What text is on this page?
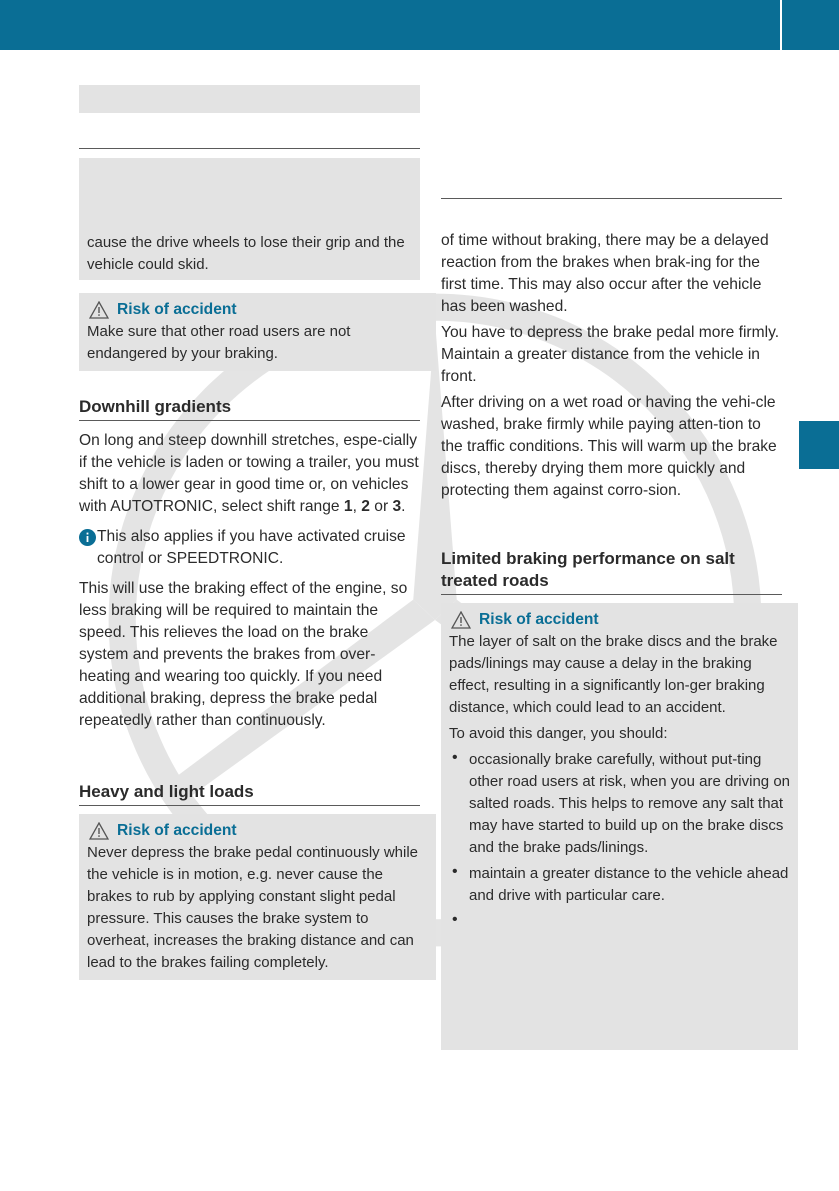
cause the drive wheels to lose their grip and the vehicle could skid.

Risk of accident

Make sure that other road users are not endangered by your braking.

Downhill gradients

On long and steep downhill stretches, espe-cially if the vehicle is laden or towing a trailer, you must shift to a lower gear in good time or, on vehicles with AUTOTRONIC, select shift range 1, 2 or 3.

This also applies if you have activated cruise control or SPEEDTRONIC.

This will use the braking effect of the engine, so less braking will be required to maintain the speed. This relieves the load on the brake system and prevents the brakes from over-heating and wearing too quickly. If you need additional braking, depress the brake pedal repeatedly rather than continuously.

Heavy and light loads
Risk of accident

Never depress the brake pedal continuously while the vehicle is in motion, e.g. never cause the brakes to rub by applying constant slight pedal pressure. This causes the brake system to overheat, increases the braking distance and can lead to the brakes failing completely.

of time without braking, there may be a delayed reaction from the brakes when brak-ing for the first time. This may also occur after the vehicle has been washed.

You have to depress the brake pedal more firmly. Maintain a greater distance from the vehicle in front.

After driving on a wet road or having the vehi-cle washed, brake firmly while paying atten-tion to the traffic conditions. This will warm up the brake discs, thereby drying them more quickly and protecting them against corro-sion.

Limited braking performance on salt treated roads
Risk of accident

The layer of salt on the brake discs and the brake pads/linings may cause a delay in the braking effect, resulting in a significantly lon-ger braking distance, which could lead to an accident.

To avoid this danger, you should:

• occasionally brake carefully, without put-ting other road users at risk, when you are driving on salted roads. This helps to remove any salt that may have started to build up on the brake discs and the brake pads/linings.

• maintain a greater distance to the vehicle ahead and drive with particular care.

•
